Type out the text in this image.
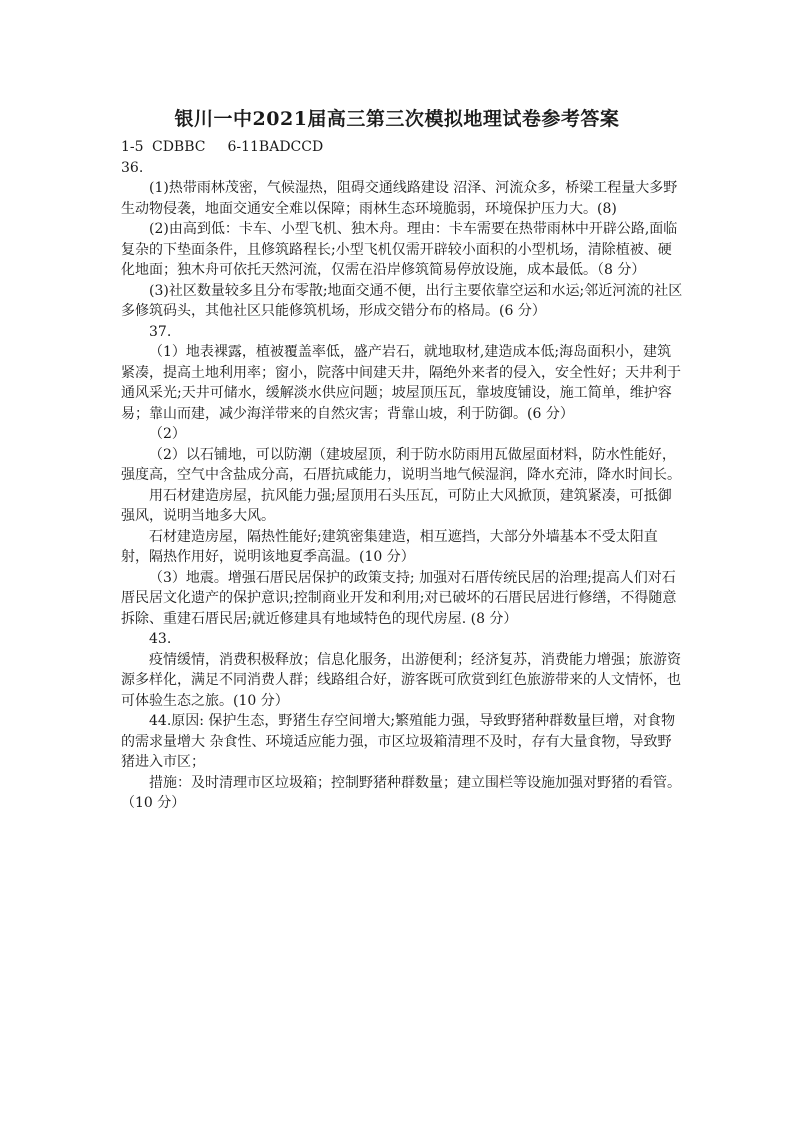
银川一中2021届高三第三次模拟地理试卷参考答案

1-5 CDBBC 6-11BADCCD

36.

(1)热带雨林茂密，气候湿热，阻碍交通线路建设 沼泽、河流众多，桥梁工程量大多野生动物侵袭，地面交通安全难以保障；雨林生态环境脆弱，环境保护压力大。(8)

(2)由高到低：卡车、小型飞机、独木舟。理由：卡车需要在热带雨林中开辟公路,面临复杂的下垫面条件，且修筑路程长;小型飞机仅需开辟较小面积的小型机场，清除植被、硬化地面；独木舟可依托天然河流，仅需在沿岸修筑简易停放设施，成本最低。（8 分）

(3)社区数量较多且分布零散;地面交通不便，出行主要依靠空运和水运;邻近河流的社区多修筑码头，其他社区只能修筑机场，形成交错分布的格局。(6 分）

37.

（1）地表裸露，植被覆盖率低，盛产岩石，就地取材,建造成本低;海岛面积小，建筑紧凑，提高土地利用率；窗小，院落中间建天井，隔绝外来者的侵入，安全性好；天井利于通风采光;天井可储水，缓解淡水供应问题；坡屋顶压瓦，靠坡度铺设，施工简单，维护容易；靠山而建，减少海洋带来的自然灾害；背靠山坡，利于防御。(6 分）

（2）

（2）以石铺地，可以防潮（建坡屋顶，利于防水防雨用瓦做屋面材料，防水性能好，强度高，空气中含盐成分高，石厝抗咸能力，说明当地气候湿润，降水充沛，降水时间长。

用石材建造房屋，抗风能力强;屋顶用石头压瓦，可防止大风掀顶，建筑紧凑，可抵御强风，说明当地多大风。

石材建造房屋，隔热性能好;建筑密集建造，相互遮挡，大部分外墙基本不受太阳直射，隔热作用好，说明该地夏季高温。(10 分）

（3）地震。增强石厝民居保护的政策支持; 加强对石厝传统民居的治理;提高人们对石厝民居文化遗产的保护意识;控制商业开发和利用;对已破坏的石厝民居进行修缮，不得随意拆除、重建石厝民居;就近修建具有地域特色的现代房屋. (8 分）

43.

疫情缓情，消费积极释放；信息化服务，出游便利；经济复苏，消费能力增强；旅游资源多样化，满足不同消费人群；线路组合好，游客既可欣赏到红色旅游带来的人文情怀，也可体验生态之旅。(10 分）

44.原因: 保护生态，野猪生存空间增大;繁殖能力强，导致野猪种群数量巨增，对食物的需求量增大 杂食性、环境适应能力强，市区垃圾箱清理不及时，存有大量食物，导致野猪进入市区；

措施：及时清理市区垃圾箱；控制野猪种群数量；建立围栏等设施加强对野猪的看管。（10 分）
